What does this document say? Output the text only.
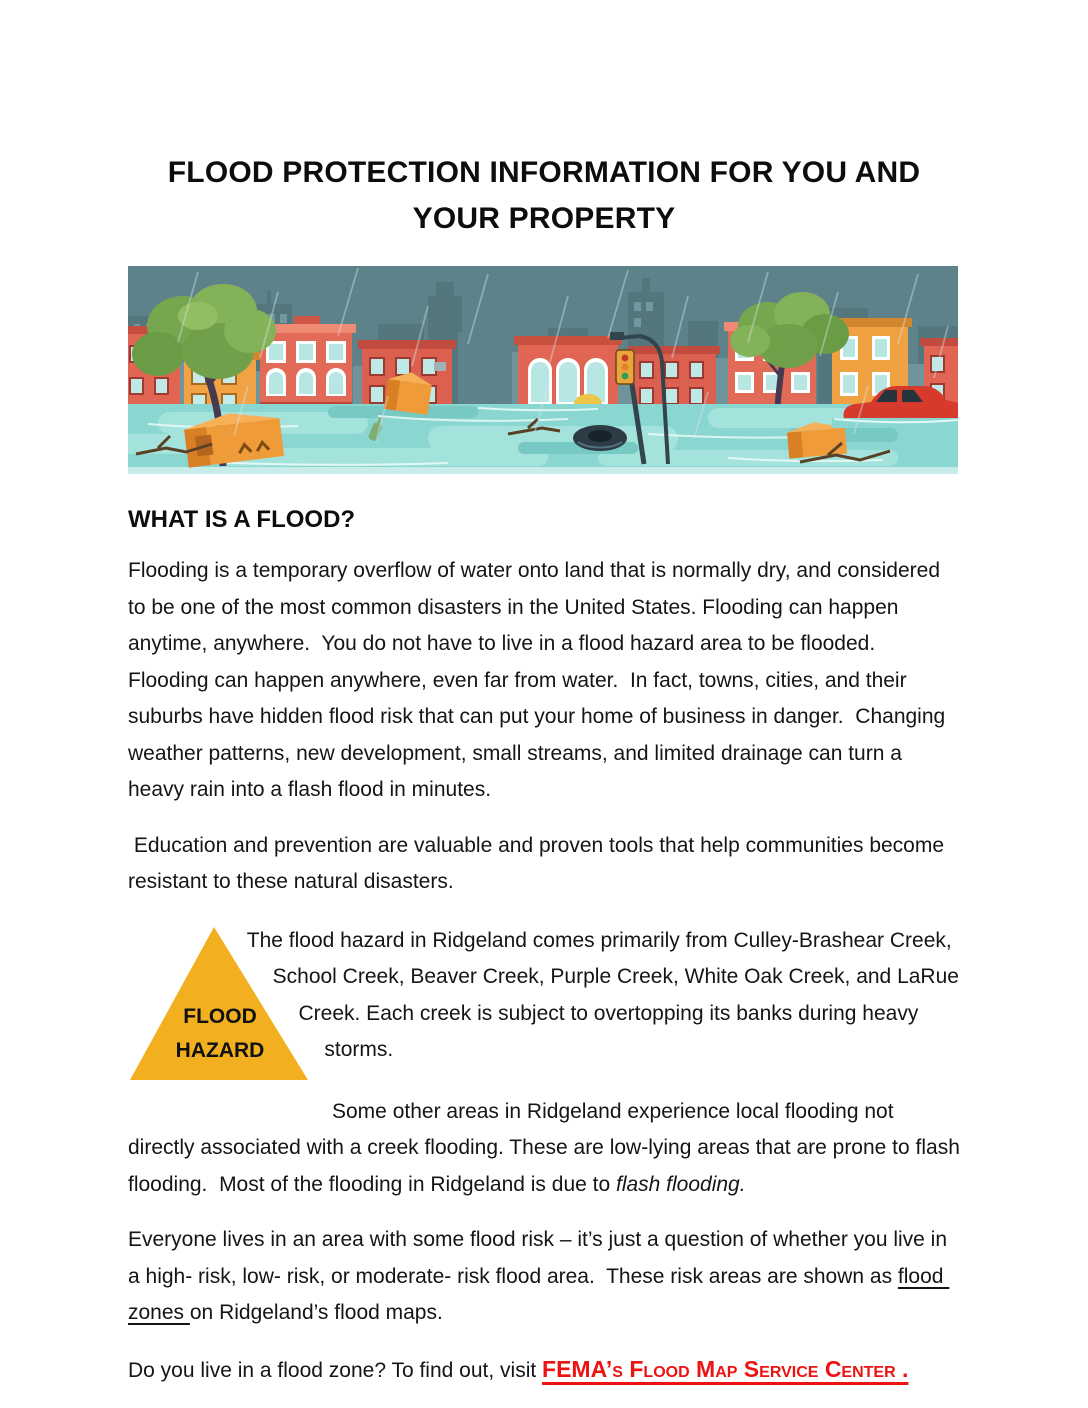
FLOOD PROTECTION INFORMATION FOR YOU AND
YOUR PROPERTY
WHAT IS A FLOOD?

Flooding is a temporary overflow of water onto land that is normally dry, and considered to be one of the most common disasters in the United States. Flooding can happen anytime, anywhere.  You do not have to live in a flood hazard area to be flooded.  Flooding can happen anywhere, even far from water.  In fact, towns, cities, and their suburbs have hidden flood risk that can put your home of business in danger.  Changing weather patterns, new development, small streams, and limited drainage can turn a heavy rain into a flash flood in minutes.

Education and prevention are valuable and proven tools that help communities become resistant to these natural disasters.

FLOOD
HAZARD

The flood hazard in Ridgeland comes primarily from Culley-Brashear Creek, School Creek, Beaver Creek, Purple Creek, White Oak Creek, and LaRue Creek. Each creek is subject to overtopping its banks during heavy storms.

Some other areas in Ridgeland experience local flooding not directly associated with a creek flooding. These are low-lying areas that are prone to flash flooding.  Most of the flooding in Ridgeland is due to flash flooding.

Everyone lives in an area with some flood risk – it’s just a question of whether you live in a high- risk, low- risk, or moderate- risk flood area.  These risk areas are shown as flood zones on Ridgeland’s flood maps.

Do you live in a flood zone? To find out, visit FEMA’s Flood Map Service Center .
